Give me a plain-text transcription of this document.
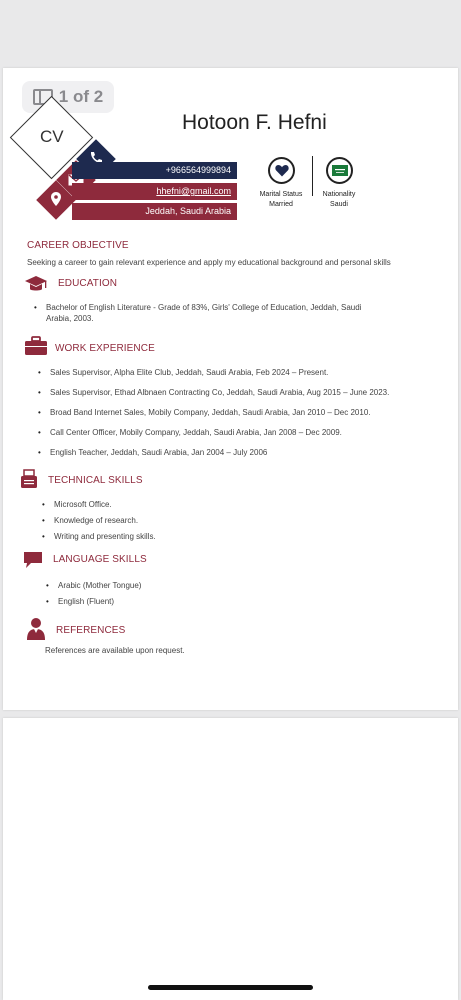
1 of 2
CV
Hotoon F. Hefni
+966564999894
hhefni@gmail.com
Jeddah, Saudi Arabia
Marital Status
Married
Nationality
Saudi
CAREER OBJECTIVE
Seeking a career to gain relevant experience and apply my educational background and personal skills
EDUCATION
• Bachelor of English Literature - Grade of 83%, Girls' College of Education, Jeddah, Saudi
Arabia, 2003.
WORK EXPERIENCE
• Sales Supervisor, Alpha Elite Club, Jeddah, Saudi Arabia, Feb 2024 – Present.
• Sales Supervisor, Ethad Albnaen Contracting Co, Jeddah, Saudi Arabia, Aug 2015 – June 2023.
• Broad Band Internet Sales, Mobily Company, Jeddah, Saudi Arabia, Jan 2010 – Dec 2010.
• Call Center Officer, Mobily Company, Jeddah, Saudi Arabia, Jan 2008 – Dec 2009.
• English Teacher, Jeddah, Saudi Arabia, Jan 2004 – July 2006
TECHNICAL SKILLS
• Microsoft Office.
• Knowledge of research.
• Writing and presenting skills.
LANGUAGE SKILLS
• Arabic (Mother Tongue)
• English (Fluent)
REFERENCES
References are available upon request.
